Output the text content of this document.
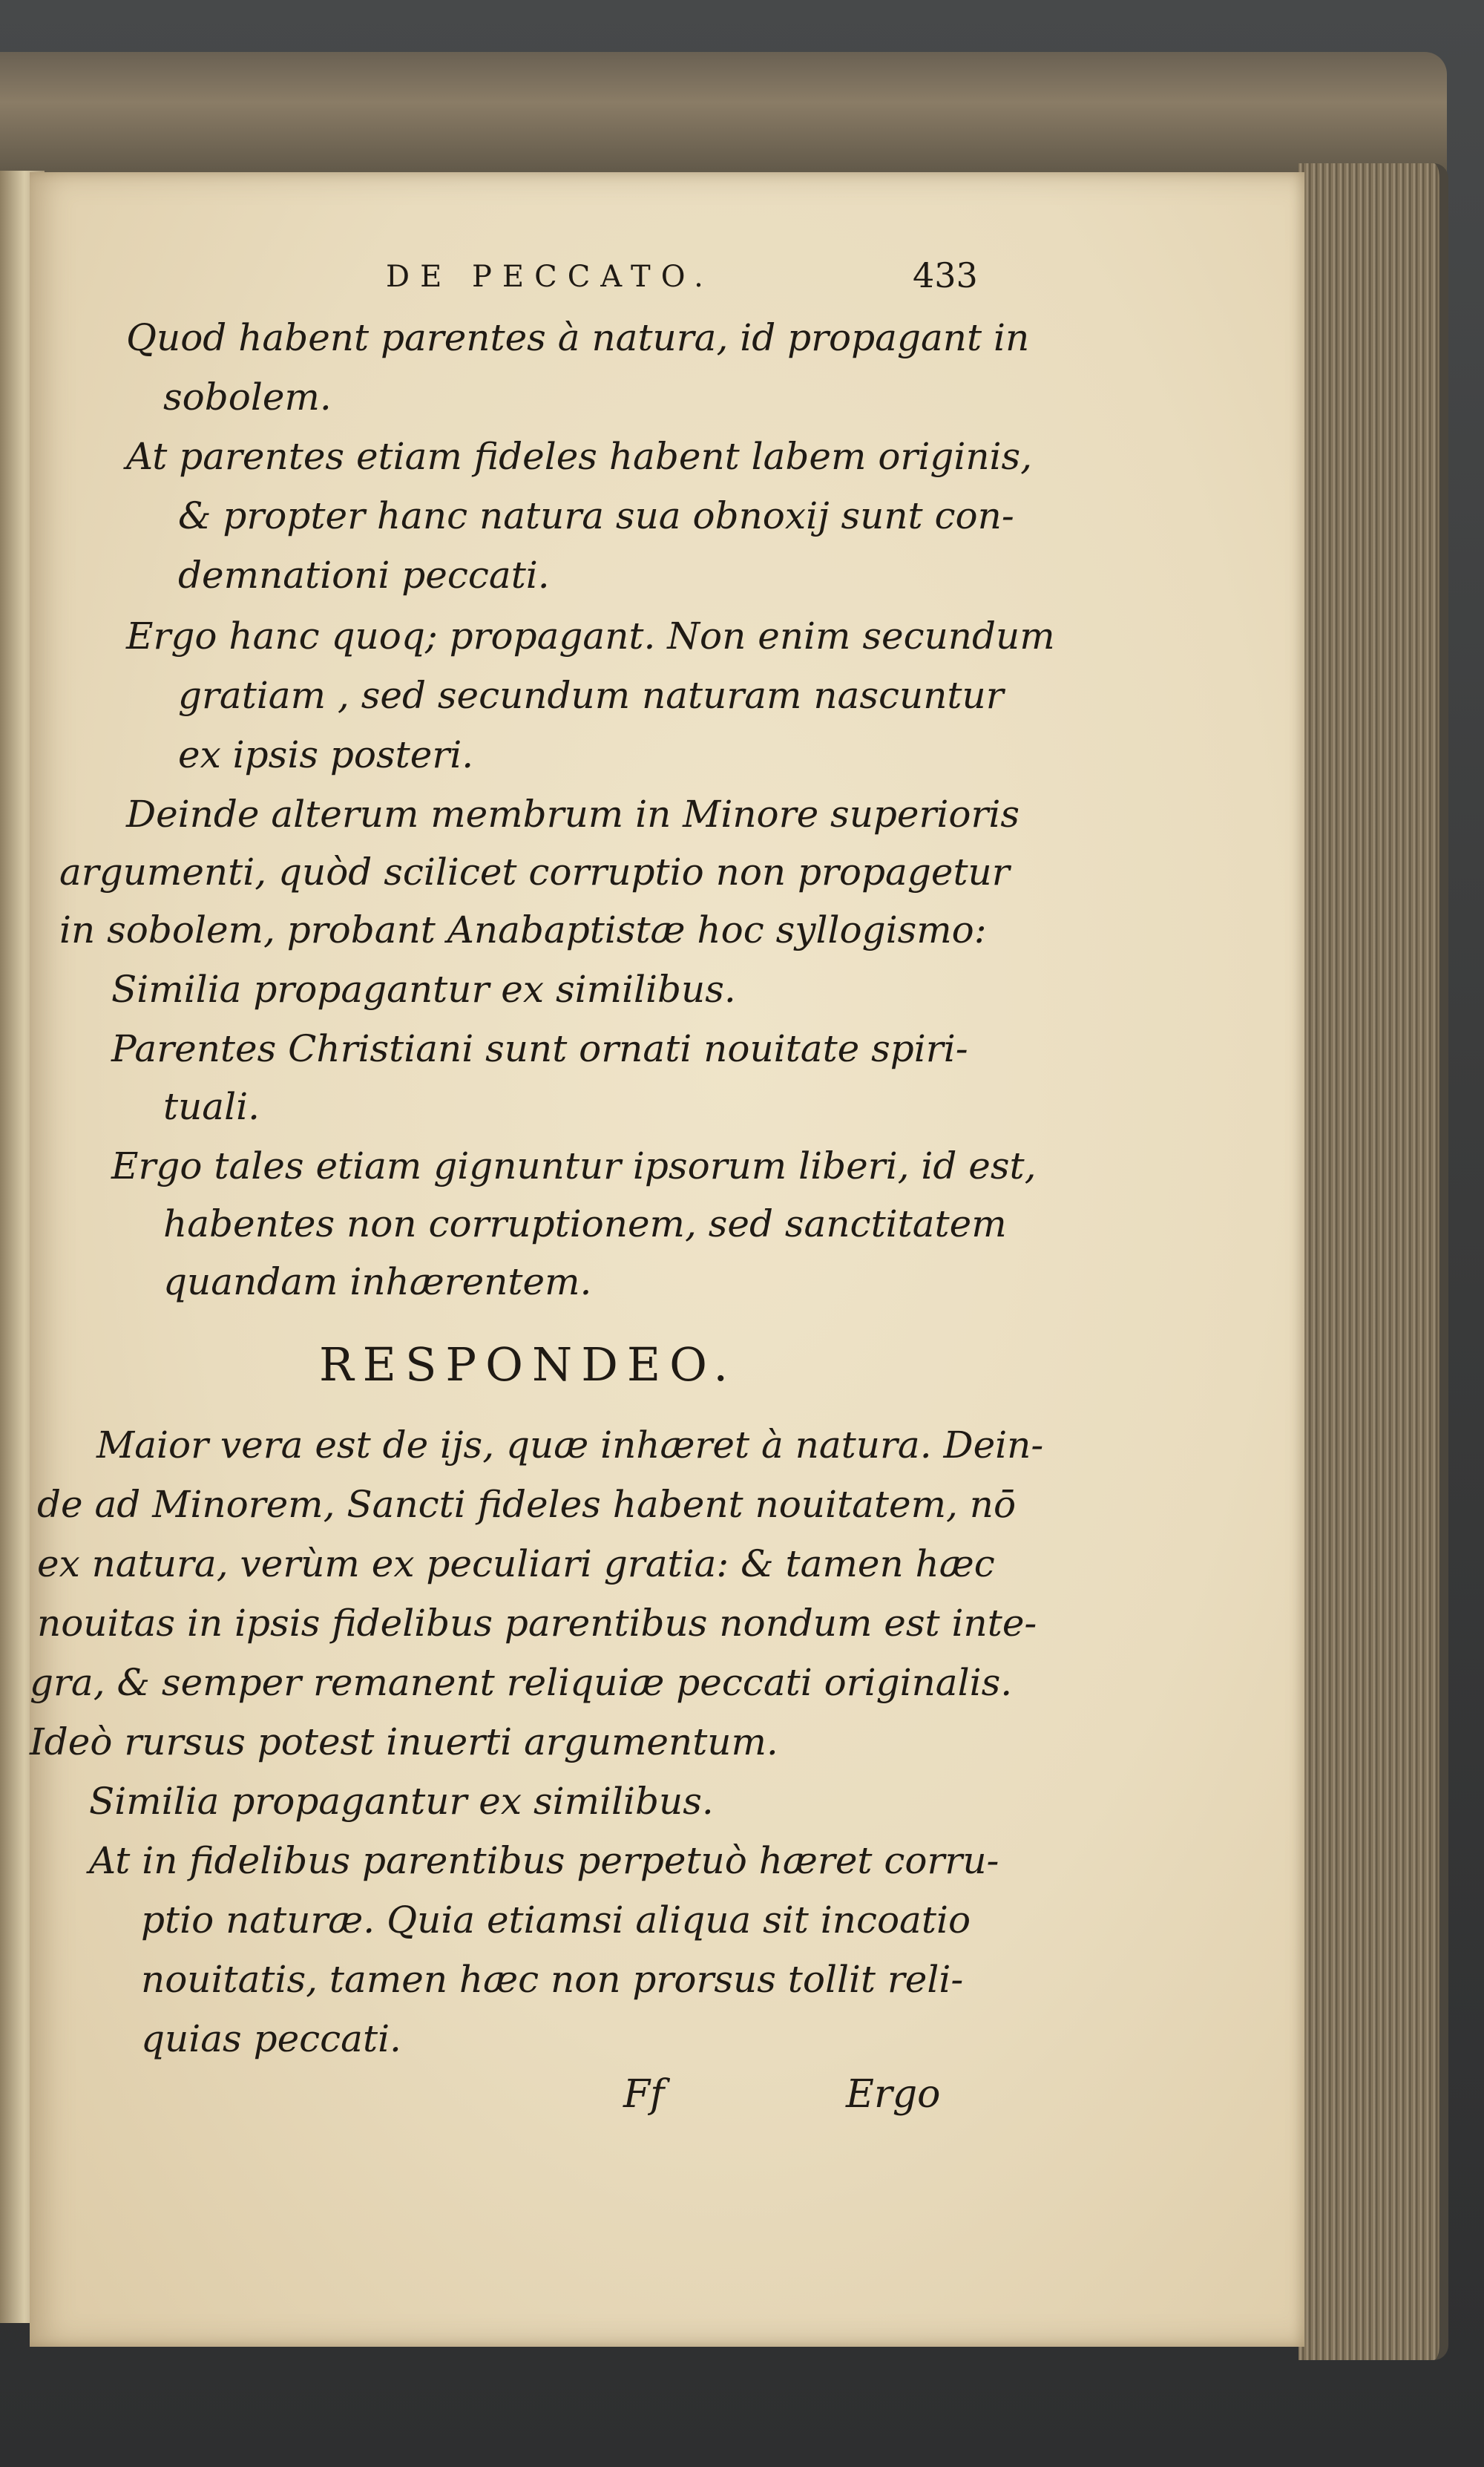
DE PECCATO.	433
Quod habent parentes à natura, id propagant in
sobolem.
At parentes etiam fideles habent labem originis,
& propter hanc natura sua obnoxij sunt con-
demnationi peccati.
Ergo hanc quoq; propagant. Non enim secundum
gratiam , sed secundum naturam nascuntur
ex ipsis posteri.
Deinde alterum membrum in Minore superioris
argumenti, quòd scilicet corruptio non propagetur
in sobolem, probant Anabaptistæ hoc syllogismo:
Similia propagantur ex similibus.
Parentes Christiani sunt ornati nouitate spiri-
tuali.
Ergo tales etiam gignuntur ipsorum liberi, id est,
habentes non corruptionem, sed sanctitatem
quandam inhærentem.
RESPONDEO.
Maior vera est de ijs, quæ inhæret à natura. Dein-
de ad Minorem, Sancti fideles habent nouitatem, nō
ex natura, verùm ex peculiari gratia: & tamen hæc
nouitas in ipsis fidelibus parentibus nondum est inte-
gra, & semper remanent reliquiæ peccati originalis.
Ideò rursus potest inuerti argumentum.
Similia propagantur ex similibus.
At in fidelibus parentibus perpetuò hæret corru-
ptio naturæ. Quia etiamsi aliqua sit incoatio
nouitatis, tamen hæc non prorsus tollit reli-
quias peccati.
Ff	Ergo
